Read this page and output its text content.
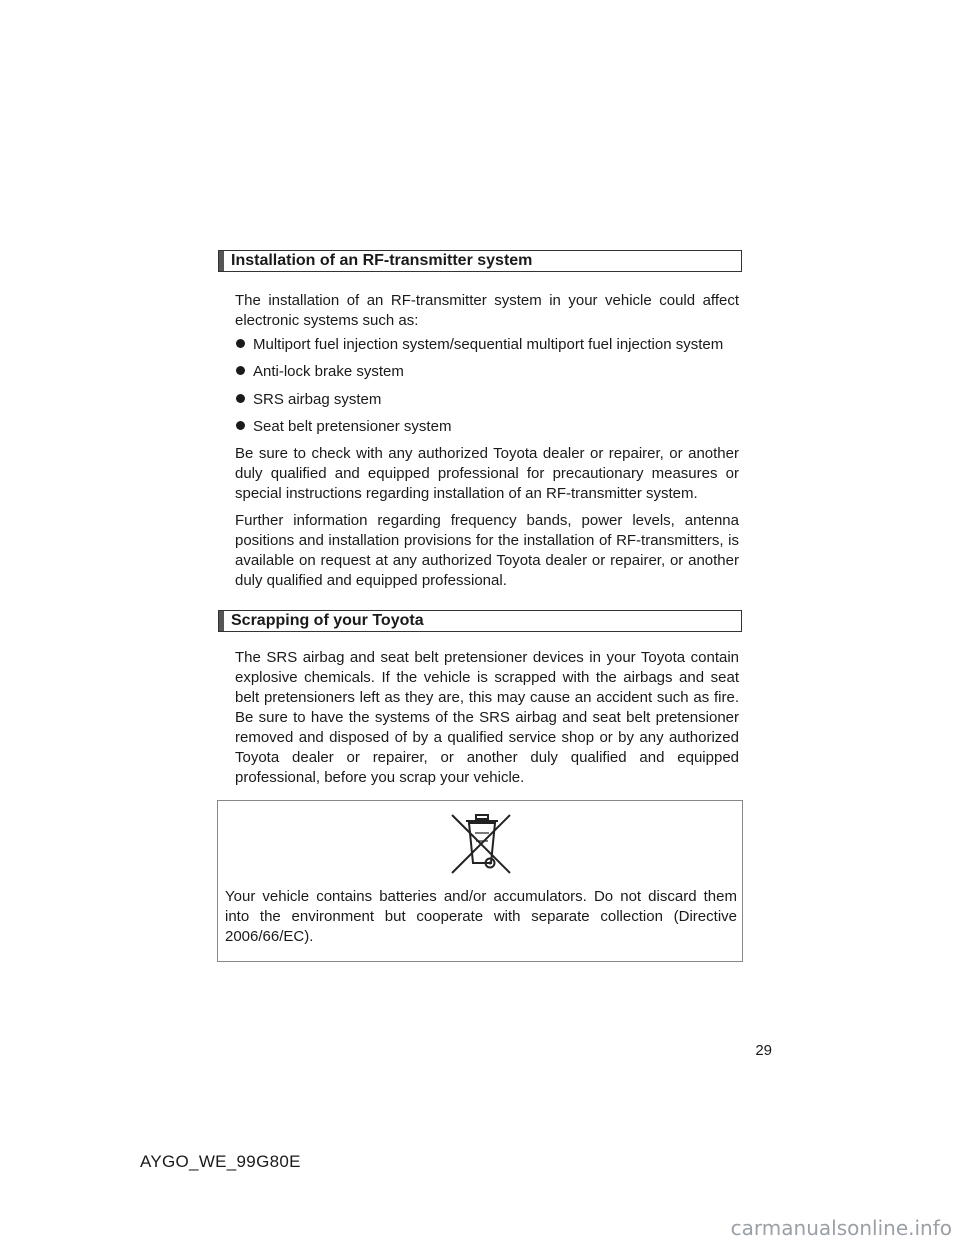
Installation of an RF-transmitter system

The installation of an RF-transmitter system in your vehicle could affect electronic systems such as:

Multiport fuel injection system/sequential multiport fuel injection system
Anti-lock brake system
SRS airbag system
Seat belt pretensioner system

Be sure to check with any authorized Toyota dealer or repairer, or another duly qualified and equipped professional for precautionary measures or special instructions regarding installation of an RF-transmitter system.

Further information regarding frequency bands, power levels, antenna positions and installation provisions for the installation of RF-transmitters, is available on request at any authorized Toyota dealer or repairer, or another duly qualified and equipped professional.

Scrapping of your Toyota

The SRS airbag and seat belt pretensioner devices in your Toyota contain explosive chemicals. If the vehicle is scrapped with the airbags and seat belt pretensioners left as they are, this may cause an accident such as fire. Be sure to have the systems of the SRS airbag and seat belt pretensioner removed and disposed of by a qualified service shop or by any authorized Toyota dealer or repairer, or another duly qualified and equipped professional, before you scrap your vehicle.

Your vehicle contains batteries and/or accumulators. Do not discard them into the environment but cooperate with separate collection (Directive 2006/66/EC).

29
AYGO_WE_99G80E
carmanualsonline.info
